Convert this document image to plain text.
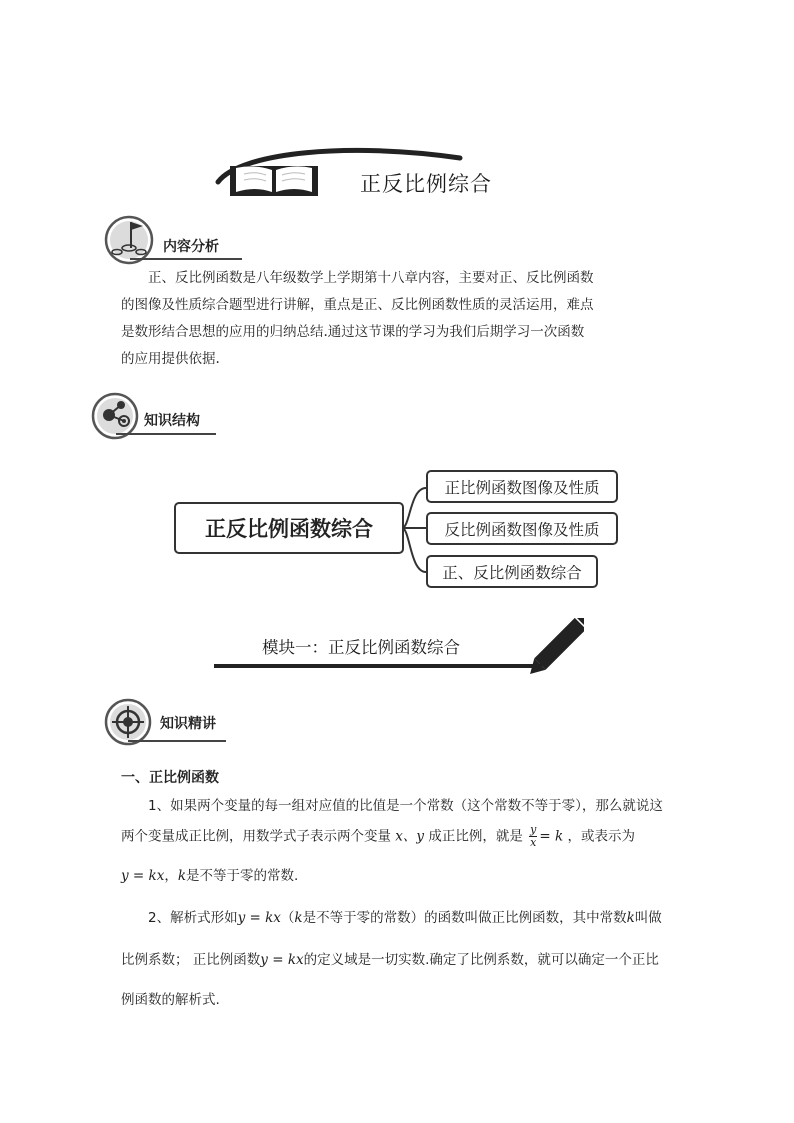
正反比例综合
内容分析
正、反比例函数是八年级数学上学期第十八章内容，主要对正、反比例函数
的图像及性质综合题型进行讲解，重点是正、反比例函数性质的灵活运用，难点
是数形结合思想的应用的归纳总结.通过这节课的学习为我们后期学习一次函数
的应用提供依据.
知识结构
正反比例函数综合
正比例函数图像及性质
反比例函数图像及性质
正、反比例函数综合
模块一：正反比例函数综合
知识精讲
一、正比例函数
1、如果两个变量的每一组对应值的比值是一个常数（这个常数不等于零），那么就说这
两个变量成正比例，用数学式子表示两个变量 x、y 成正比例，就是 $\frac{y}{x} = k$ ，或表示为
y = kx，k是不等于零的常数.
2、解析式形如y = kx（k是不等于零的常数）的函数叫做正比例函数，其中常数k叫做
比例系数； 正比例函数y = kx的定义域是一切实数.确定了比例系数，就可以确定一个正比
例函数的解析式.
